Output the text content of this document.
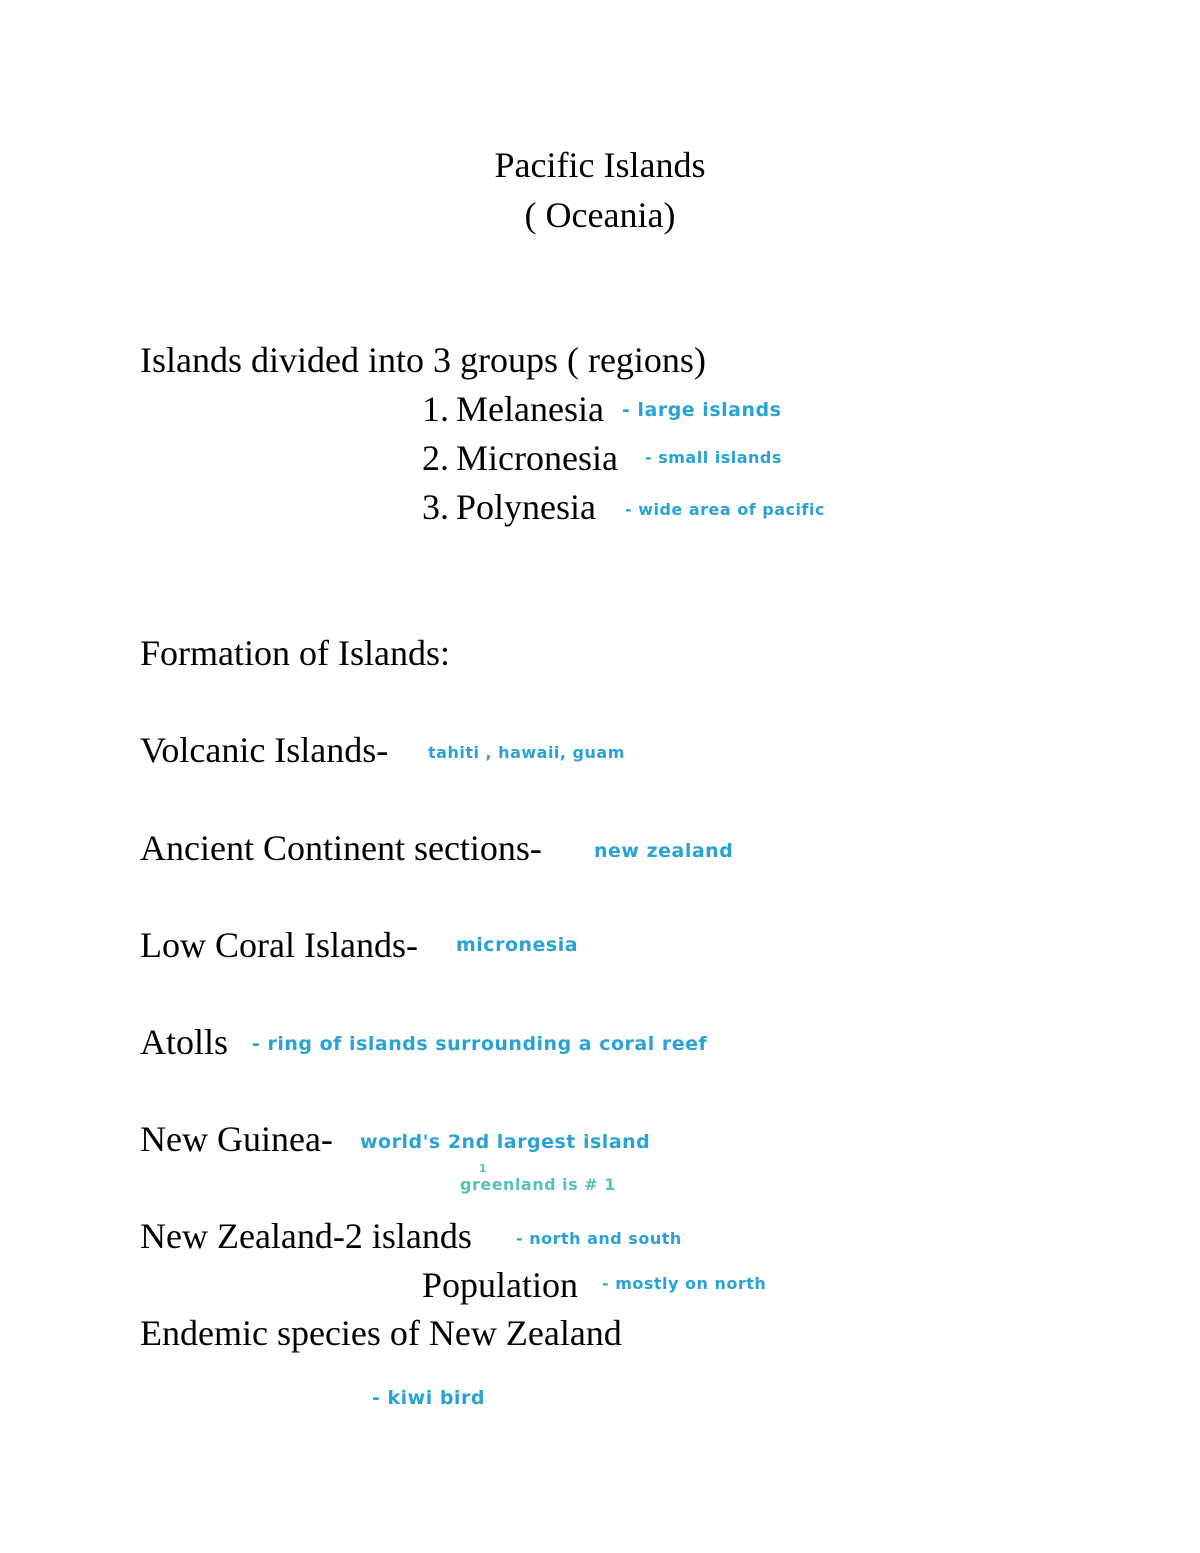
Pacific Islands
( Oceania)
Islands divided into 3 groups ( regions)
1. Melanesia - large islands
2. Micronesia - small islands
3. Polynesia - wide area of pacific
Formation of Islands:
Volcanic Islands- tahiti , hawaii, guam
Ancient Continent sections-	new zealand
Low Coral Islands- micronesia
Atolls - ring of islands surrounding a coral reef
New Guinea- world's 2nd largest island
1
greenland is # 1
New Zealand-2 islands	- north and south
Population - mostly on north
Endemic species of New Zealand
- kiwi bird
